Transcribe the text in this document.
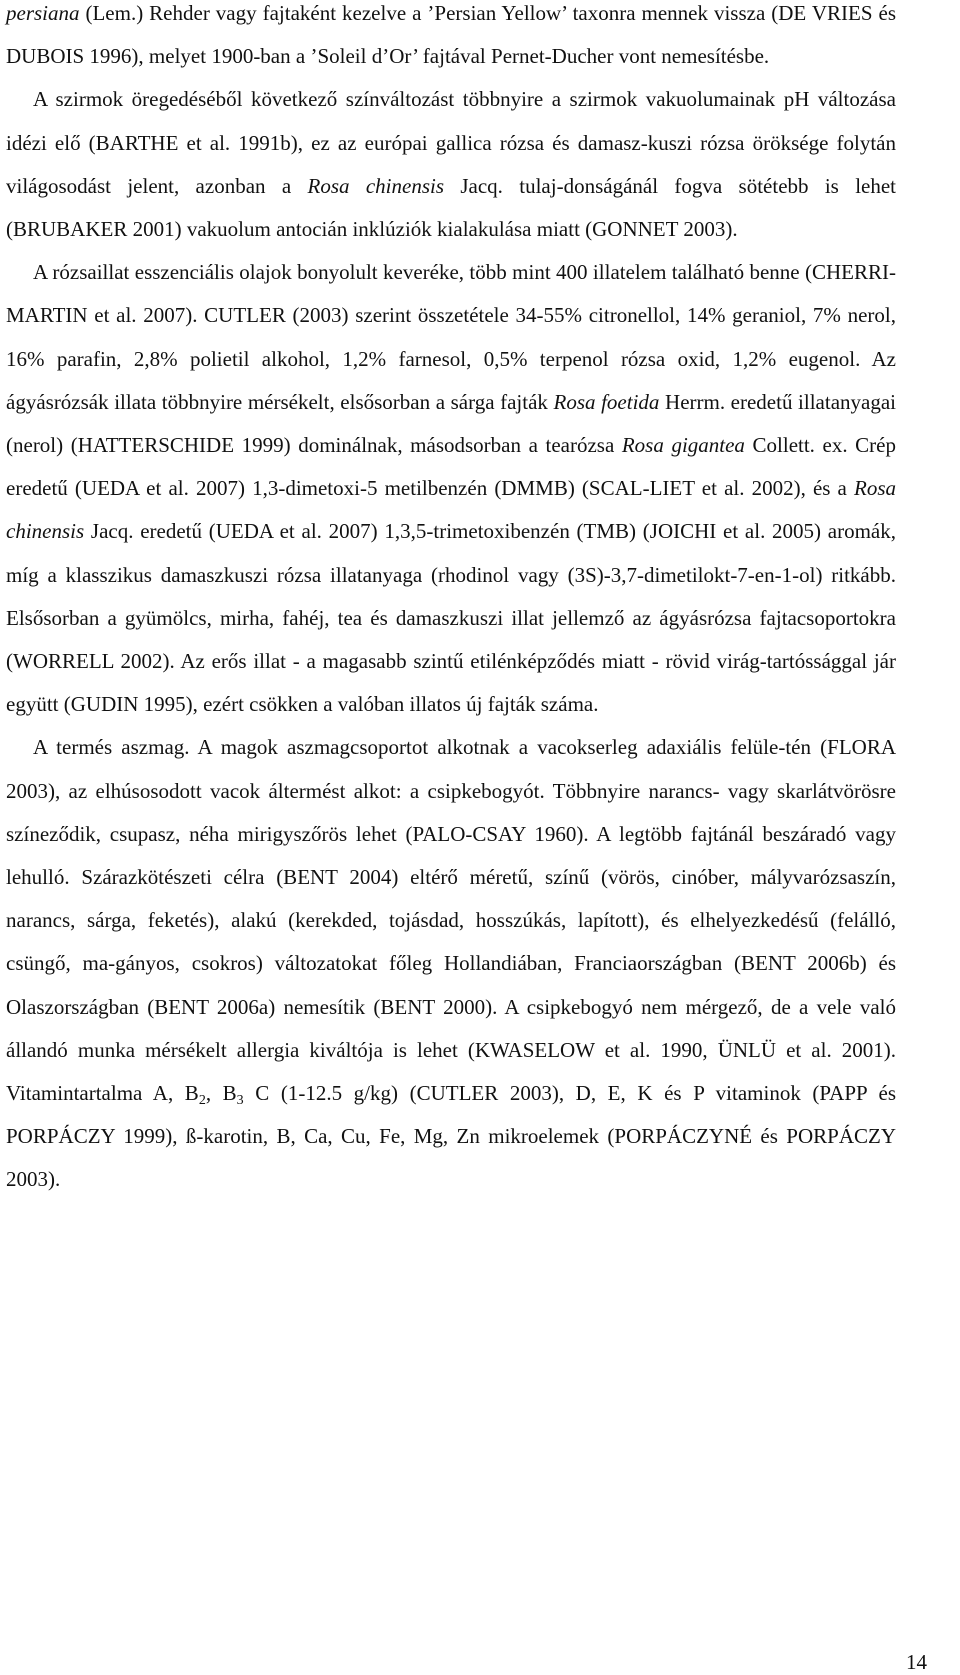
persiana (Lem.) Rehder vagy fajtaként kezelve a ’Persian Yellow’ taxonra mennek vissza (DE VRIES és DUBOIS 1996), melyet 1900-ban a ’Soleil d’Or’ fajtával Pernet-Ducher vont nemesítésbe.

A szirmok öregedéséből következő színváltozást többnyire a szirmok vakuolumainak pH változása idézi elő (BARTHE et al. 1991b), ez az európai gallica rózsa és damasz-kuszi rózsa öröksége folytán világosodást jelent, azonban a Rosa chinensis Jacq. tulaj-donságánál fogva sötétebb is lehet (BRUBAKER 2001) vakuolum antocián inklúziók kialakulása miatt (GONNET 2003).

A rózsaillat esszenciális olajok bonyolult keveréke, több mint 400 illatelem található benne (CHERRI-MARTIN et al. 2007). CUTLER (2003) szerint összetétele 34-55% citronellol, 14% geraniol, 7% nerol, 16% parafin, 2,8% polietil alkohol, 1,2% farnesol, 0,5% terpenol rózsa oxid, 1,2% eugenol. Az ágyásrózsák illata többnyire mérsékelt, elsősorban a sárga fajták Rosa foetida Herrm. eredetű illatanyagai (nerol) (HATTERSCHIDE 1999) dominálnak, másodsorban a tearózsa Rosa gigantea Collett. ex. Crép eredetű (UEDA et al. 2007) 1,3-dimetoxi-5 metilbenzén (DMMB) (SCAL-LIET et al. 2002), és a Rosa chinensis Jacq. eredetű (UEDA et al. 2007) 1,3,5-trimetoxibenzén (TMB) (JOICHI et al. 2005) aromák, míg a klasszikus damaszkuszi rózsa illatanyaga (rhodinol vagy (3S)-3,7-dimetilokt-7-en-1-ol) ritkább. Elsősorban a gyümölcs, mirha, fahéj, tea és damaszkuszi illat jellemző az ágyásrózsa fajtacsoportokra (WORRELL 2002). Az erős illat - a magasabb szintű etilénképződés miatt - rövid virág-tartóssággal jár együtt (GUDIN 1995), ezért csökken a valóban illatos új fajták száma.

A termés aszmag. A magok aszmagcsoportot alkotnak a vacokserleg adaxiális felüle-tén (FLORA 2003), az elhúsosodott vacok áltermést alkot: a csipkebogyót. Többnyire narancs- vagy skarlátvörösre színeződik, csupasz, néha mirigyszőrös lehet (PALO-CSAY 1960). A legtöbb fajtánál beszáradó vagy lehulló. Szárazkötészeti célra (BENT 2004) eltérő méretű, színű (vörös, cinóber, mályvarózsaszín, narancs, sárga, feketés), alakú (kerekded, tojásdad, hosszúkás, lapított), és elhelyezkedésű (felálló, csüngő, ma-gányos, csokros) változatokat főleg Hollandiában, Franciaországban (BENT 2006b) és Olaszországban (BENT 2006a) nemesítik (BENT 2000). A csipkebogyó nem mérgező, de a vele való állandó munka mérsékelt allergia kiváltója is lehet (KWASELOW et al. 1990, ÜNLÜ et al. 2001). Vitamintartalma A, $B_2$, $B_3$ C (1-12.5 g/kg) (CUTLER 2003), D, E, K és P vitaminok (PAPP és PORPÁCZY 1999), ß-karotin, B, Ca, Cu, Fe, Mg, Zn mikroelemek (PORPÁCZYNÉ és PORPÁCZY 2003).

14
